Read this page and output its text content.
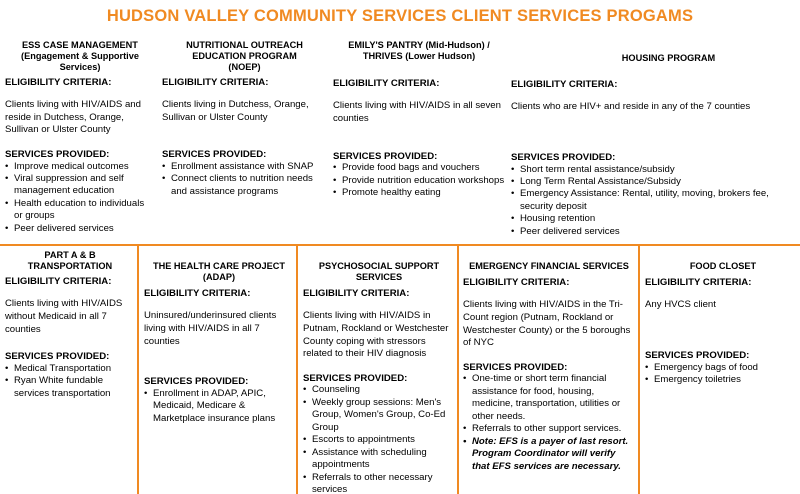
HUDSON VALLEY COMMUNITY SERVICES CLIENT SERVICES PROGAMS
ESS CASE MANAGEMENT
(Engagement & Supportive Services)
ELIGIBILITY CRITERIA:
Clients living with HIV/AIDS and reside in Dutchess, Orange, Sullivan or Ulster County
SERVICES PROVIDED:
• Improve medical outcomes
• Viral suppression and self management education
• Health education to individuals or groups
• Peer delivered services
NUTRITIONAL OUTREACH EDUCATION PROGRAM
(NOEP)
ELIGIBILITY CRITERIA:
Clients living in Dutchess, Orange, Sullivan or Ulster County
SERVICES PROVIDED:
• Enrollment assistance with SNAP
• Connect clients to nutrition needs and assistance programs
EMILY'S PANTRY (Mid-Hudson) /
THRIVES (Lower Hudson)
ELIGIBILITY CRITERIA:
Clients living with HIV/AIDS in all seven counties
SERVICES PROVIDED:
• Provide food bags and vouchers
• Provide nutrition education workshops
• Promote healthy eating
HOUSING PROGRAM
ELIGIBILITY CRITERIA:
Clients who are HIV+ and reside in any of the 7 counties
SERVICES PROVIDED:
• Short term rental assistance/subsidy
• Long Term Rental Assistance/Subsidy
• Emergency Assistance: Rental, utility, moving, brokers fee, security deposit
• Housing retention
• Peer delivered services
PART A & B
TRANSPORTATION
ELIGIBILITY CRITERIA:
Clients living with HIV/AIDS without Medicaid in all 7 counties
SERVICES PROVIDED:
• Medical Transportation
• Ryan White fundable services transportation
THE HEALTH CARE PROJECT (ADAP)
ELIGIBILITY CRITERIA:
Uninsured/underinsured clients living with HIV/AIDS in all 7 counties
SERVICES PROVIDED:
• Enrollment in ADAP, APIC, Medicaid, Medicare & Marketplace insurance plans
PSYCHOSOCIAL SUPPORT SERVICES
ELIGIBILITY CRITERIA:
Clients living with HIV/AIDS in Putnam, Rockland or Westchester County coping with stressors related to their HIV diagnosis
SERVICES PROVIDED:
• Counseling
• Weekly group sessions: Men's Group, Women's Group, Co-Ed Group
• Escorts to appointments
• Assistance with scheduling appointments
• Referrals to other necessary services
EMERGENCY FINANCIAL SERVICES
ELIGIBILITY CRITERIA:
Clients living with HIV/AIDS in the Tri-Count region (Putnam, Rockland or Westchester County) or the 5 boroughs of NYC
SERVICES PROVIDED:
• One-time or short term financial assistance for food, housing, medicine, transportation, utilities or other needs.
• Referrals to other support services.
• Note: EFS is a payer of last resort. Program Coordinator will verify that EFS services are necessary.
FOOD CLOSET
ELIGIBILITY CRITERIA:
Any HVCS client
SERVICES PROVIDED:
• Emergency bags of food
• Emergency toiletries
